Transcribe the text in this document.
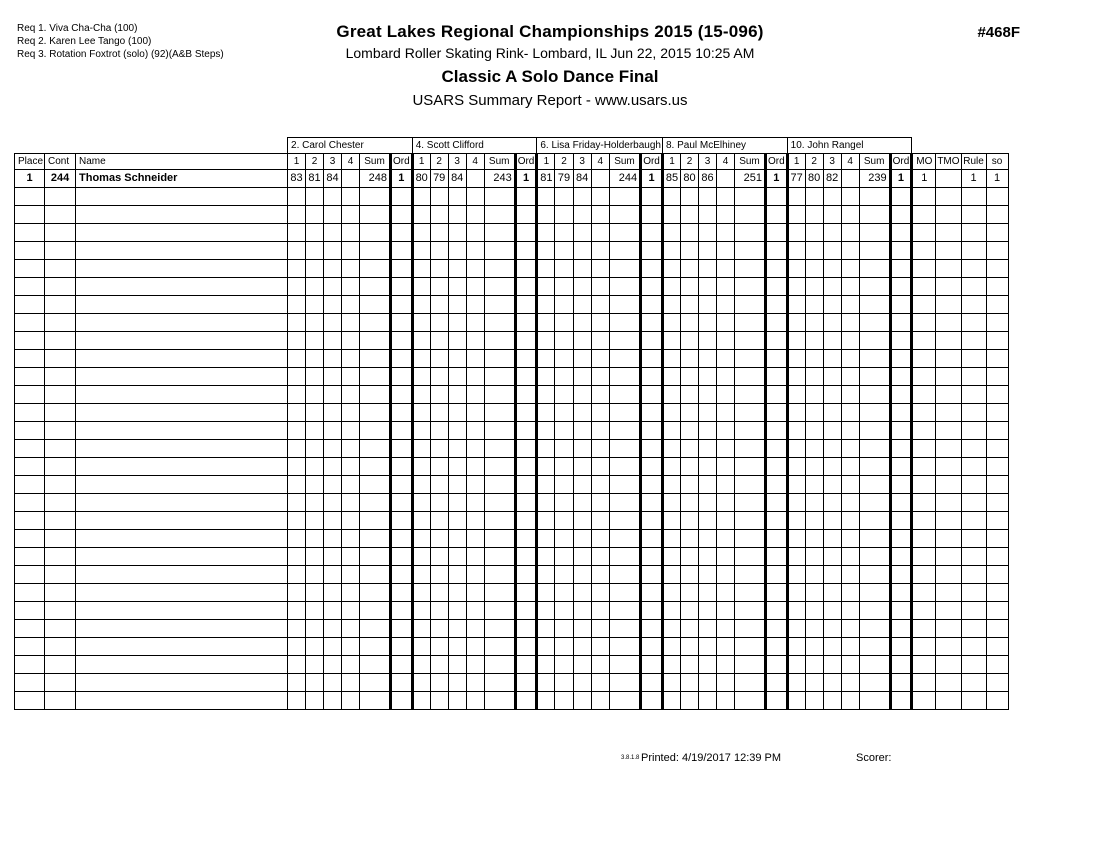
Req 1. Viva Cha-Cha (100)
Req 2. Karen Lee Tango (100)
Req 3. Rotation Foxtrot (solo) (92)(A&B Steps)
Great Lakes Regional Championships 2015 (15-096)
Lombard Roller Skating Rink- Lombard, IL Jun 22, 2015 10:25 AM
Classic A Solo Dance Final
USARS Summary Report - www.usars.us
#468F
			2. Carol Chester						4. Scott Clifford						6. Lisa Friday-Holderbaugh						8. Paul McElhiney						10. John Rangel									
Place	Cont	Name	1	2	3	4	Sum	Ord	1	2	3	4	Sum	Ord	1	2	3	4	Sum	Ord	1	2	3	4	Sum	Ord	1	2	3	4	Sum	Ord	MO	TMO	Rule	so
1	244	Thomas Schneider	83	81	84		248	1	80	79	84		243	1	81	79	84		244	1	85	80	86		251	1	77	80	82		239	1	1		1	1

3.8.1.8 Printed: 4/19/2017 12:39 PM	Scorer:
